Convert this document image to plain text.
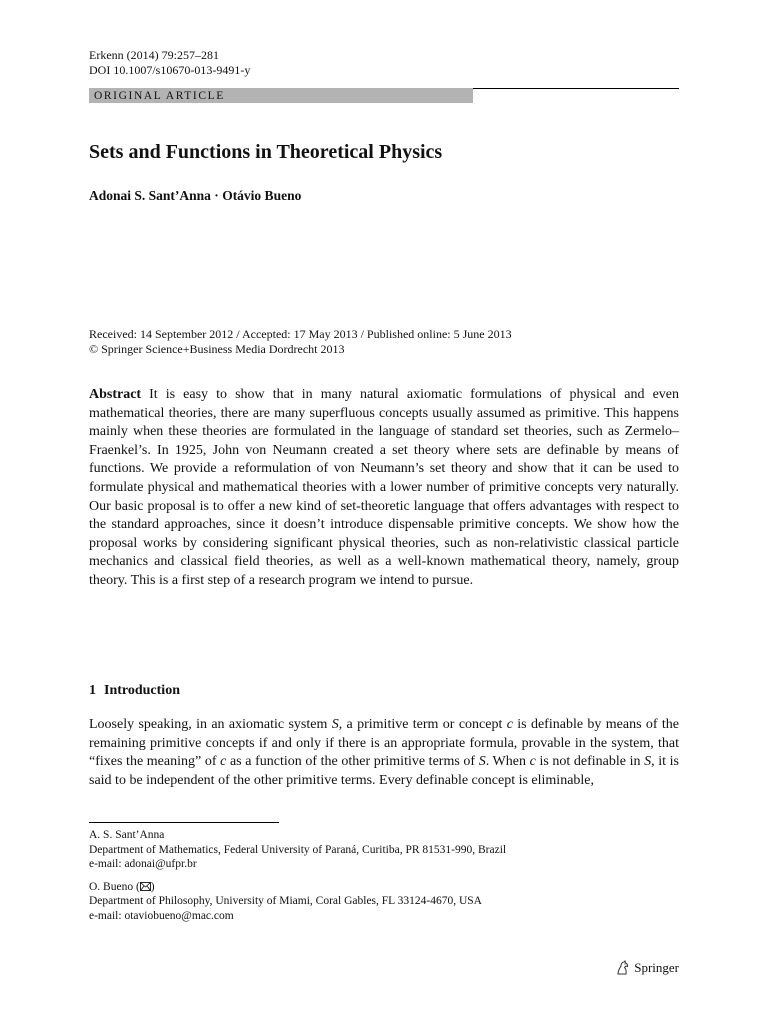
Erkenn (2014) 79:257–281
DOI 10.1007/s10670-013-9491-y
ORIGINAL ARTICLE
Sets and Functions in Theoretical Physics
Adonai S. Sant’Anna · Otávio Bueno
Received: 14 September 2012 / Accepted: 17 May 2013 / Published online: 5 June 2013
© Springer Science+Business Media Dordrecht 2013
Abstract It is easy to show that in many natural axiomatic formulations of physical and even mathematical theories, there are many superfluous concepts usually assumed as primitive. This happens mainly when these theories are formulated in the language of standard set theories, such as Zermelo–Fraenkel’s. In 1925, John von Neumann created a set theory where sets are definable by means of functions. We provide a reformulation of von Neumann’s set theory and show that it can be used to formulate physical and mathematical theories with a lower number of primitive concepts very naturally. Our basic proposal is to offer a new kind of set-theoretic language that offers advantages with respect to the standard approaches, since it doesn’t introduce dispensable primitive concepts. We show how the proposal works by considering significant physical theories, such as non-relativistic classical particle mechanics and classical field theories, as well as a well-known mathematical theory, namely, group theory. This is a first step of a research program we intend to pursue.
1 Introduction
Loosely speaking, in an axiomatic system S, a primitive term or concept c is definable by means of the remaining primitive concepts if and only if there is an appropriate formula, provable in the system, that “fixes the meaning” of c as a function of the other primitive terms of S. When c is not definable in S, it is said to be independent of the other primitive terms. Every definable concept is eliminable,
A. S. Sant’Anna
Department of Mathematics, Federal University of Paraná, Curitiba, PR 81531-990, Brazil
e-mail: adonai@ufpr.br
O. Bueno ( )
Department of Philosophy, University of Miami, Coral Gables, FL 33124-4670, USA
e-mail: otaviobueno@mac.com
Springer
